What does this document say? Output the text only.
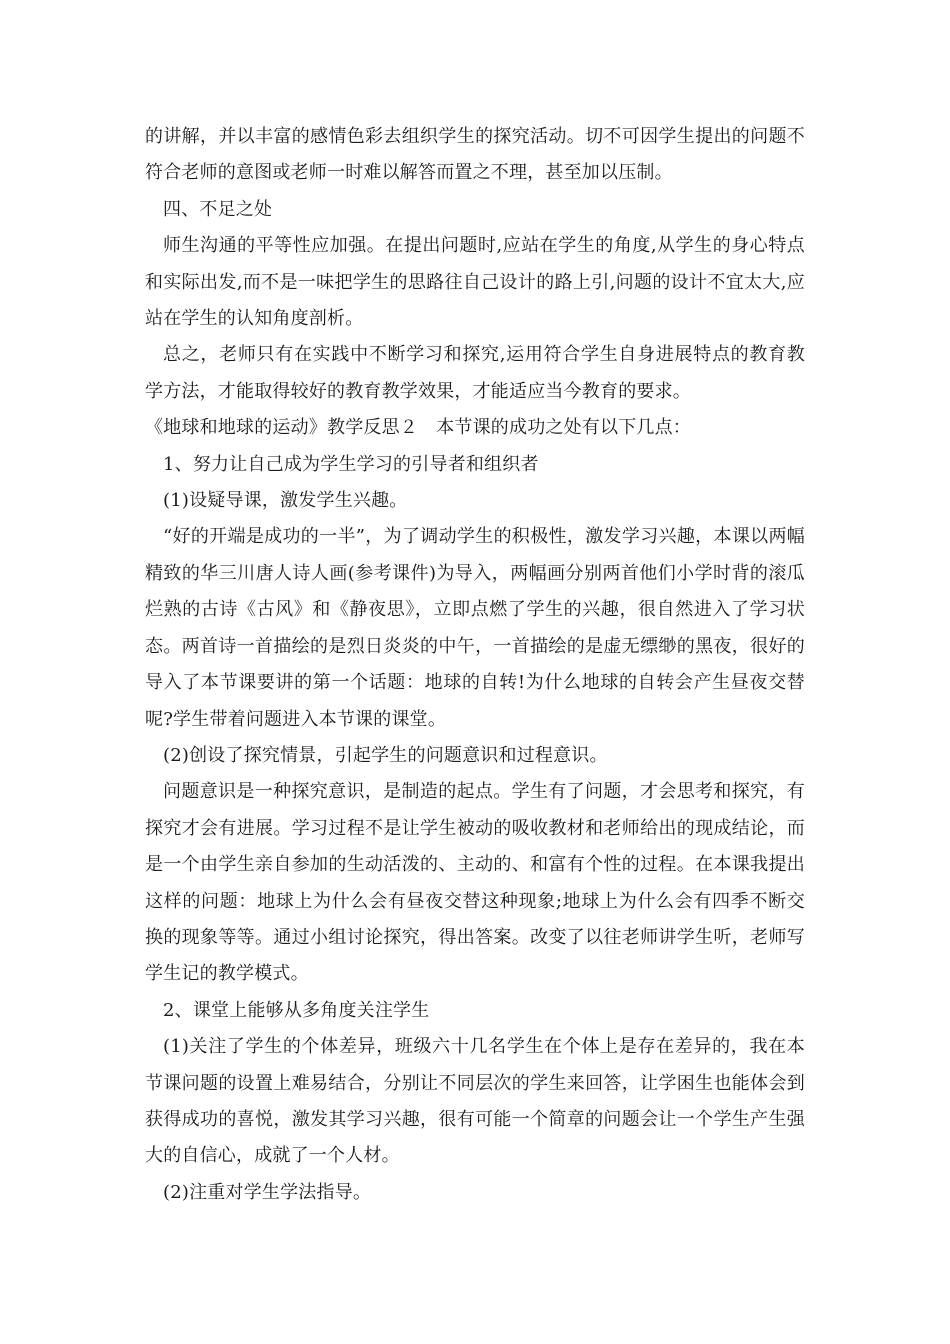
的讲解，并以丰富的感情色彩去组织学生的探究活动。切不可因学生提出的问题不符合老师的意图或老师一时难以解答而置之不理，甚至加以压制。

四、不足之处

师生沟通的平等性应加强。在提出问题时,应站在学生的角度,从学生的身心特点和实际出发,而不是一味把学生的思路往自己设计的路上引,问题的设计不宜太大,应站在学生的认知角度剖析。

总之，老师只有在实践中不断学习和探究,运用符合学生自身进展特点的教育教学方法，才能取得较好的教育教学效果，才能适应当今教育的要求。

《地球和地球的运动》教学反思２　本节课的成功之处有以下几点：

1、努力让自己成为学生学习的引导者和组织者

(1)设疑导课，激发学生兴趣。

“好的开端是成功的一半”，为了调动学生的积极性，激发学习兴趣，本课以两幅精致的华三川唐人诗人画(参考课件)为导入，两幅画分别两首他们小学时背的滚瓜烂熟的古诗《古风》和《静夜思》，立即点燃了学生的兴趣，很自然进入了学习状态。两首诗一首描绘的是烈日炎炎的中午，一首描绘的是虚无缥缈的黑夜，很好的导入了本节课要讲的第一个话题：地球的自转!为什么地球的自转会产生昼夜交替呢?学生带着问题进入本节课的课堂。

(2)创设了探究情景，引起学生的问题意识和过程意识。

问题意识是一种探究意识，是制造的起点。学生有了问题，才会思考和探究，有探究才会有进展。学习过程不是让学生被动的吸收教材和老师给出的现成结论，而是一个由学生亲自参加的生动活泼的、主动的、和富有个性的过程。在本课我提出这样的问题：地球上为什么会有昼夜交替这种现象;地球上为什么会有四季不断交换的现象等等。通过小组讨论探究，得出答案。改变了以往老师讲学生听，老师写学生记的教学模式。

2、课堂上能够从多角度关注学生

(1)关注了学生的个体差异，班级六十几名学生在个体上是存在差异的，我在本节课问题的设置上难易结合，分别让不同层次的学生来回答，让学困生也能体会到获得成功的喜悦，激发其学习兴趣，很有可能一个简章的问题会让一个学生产生强大的自信心，成就了一个人材。

(2)注重对学生学法指导。
